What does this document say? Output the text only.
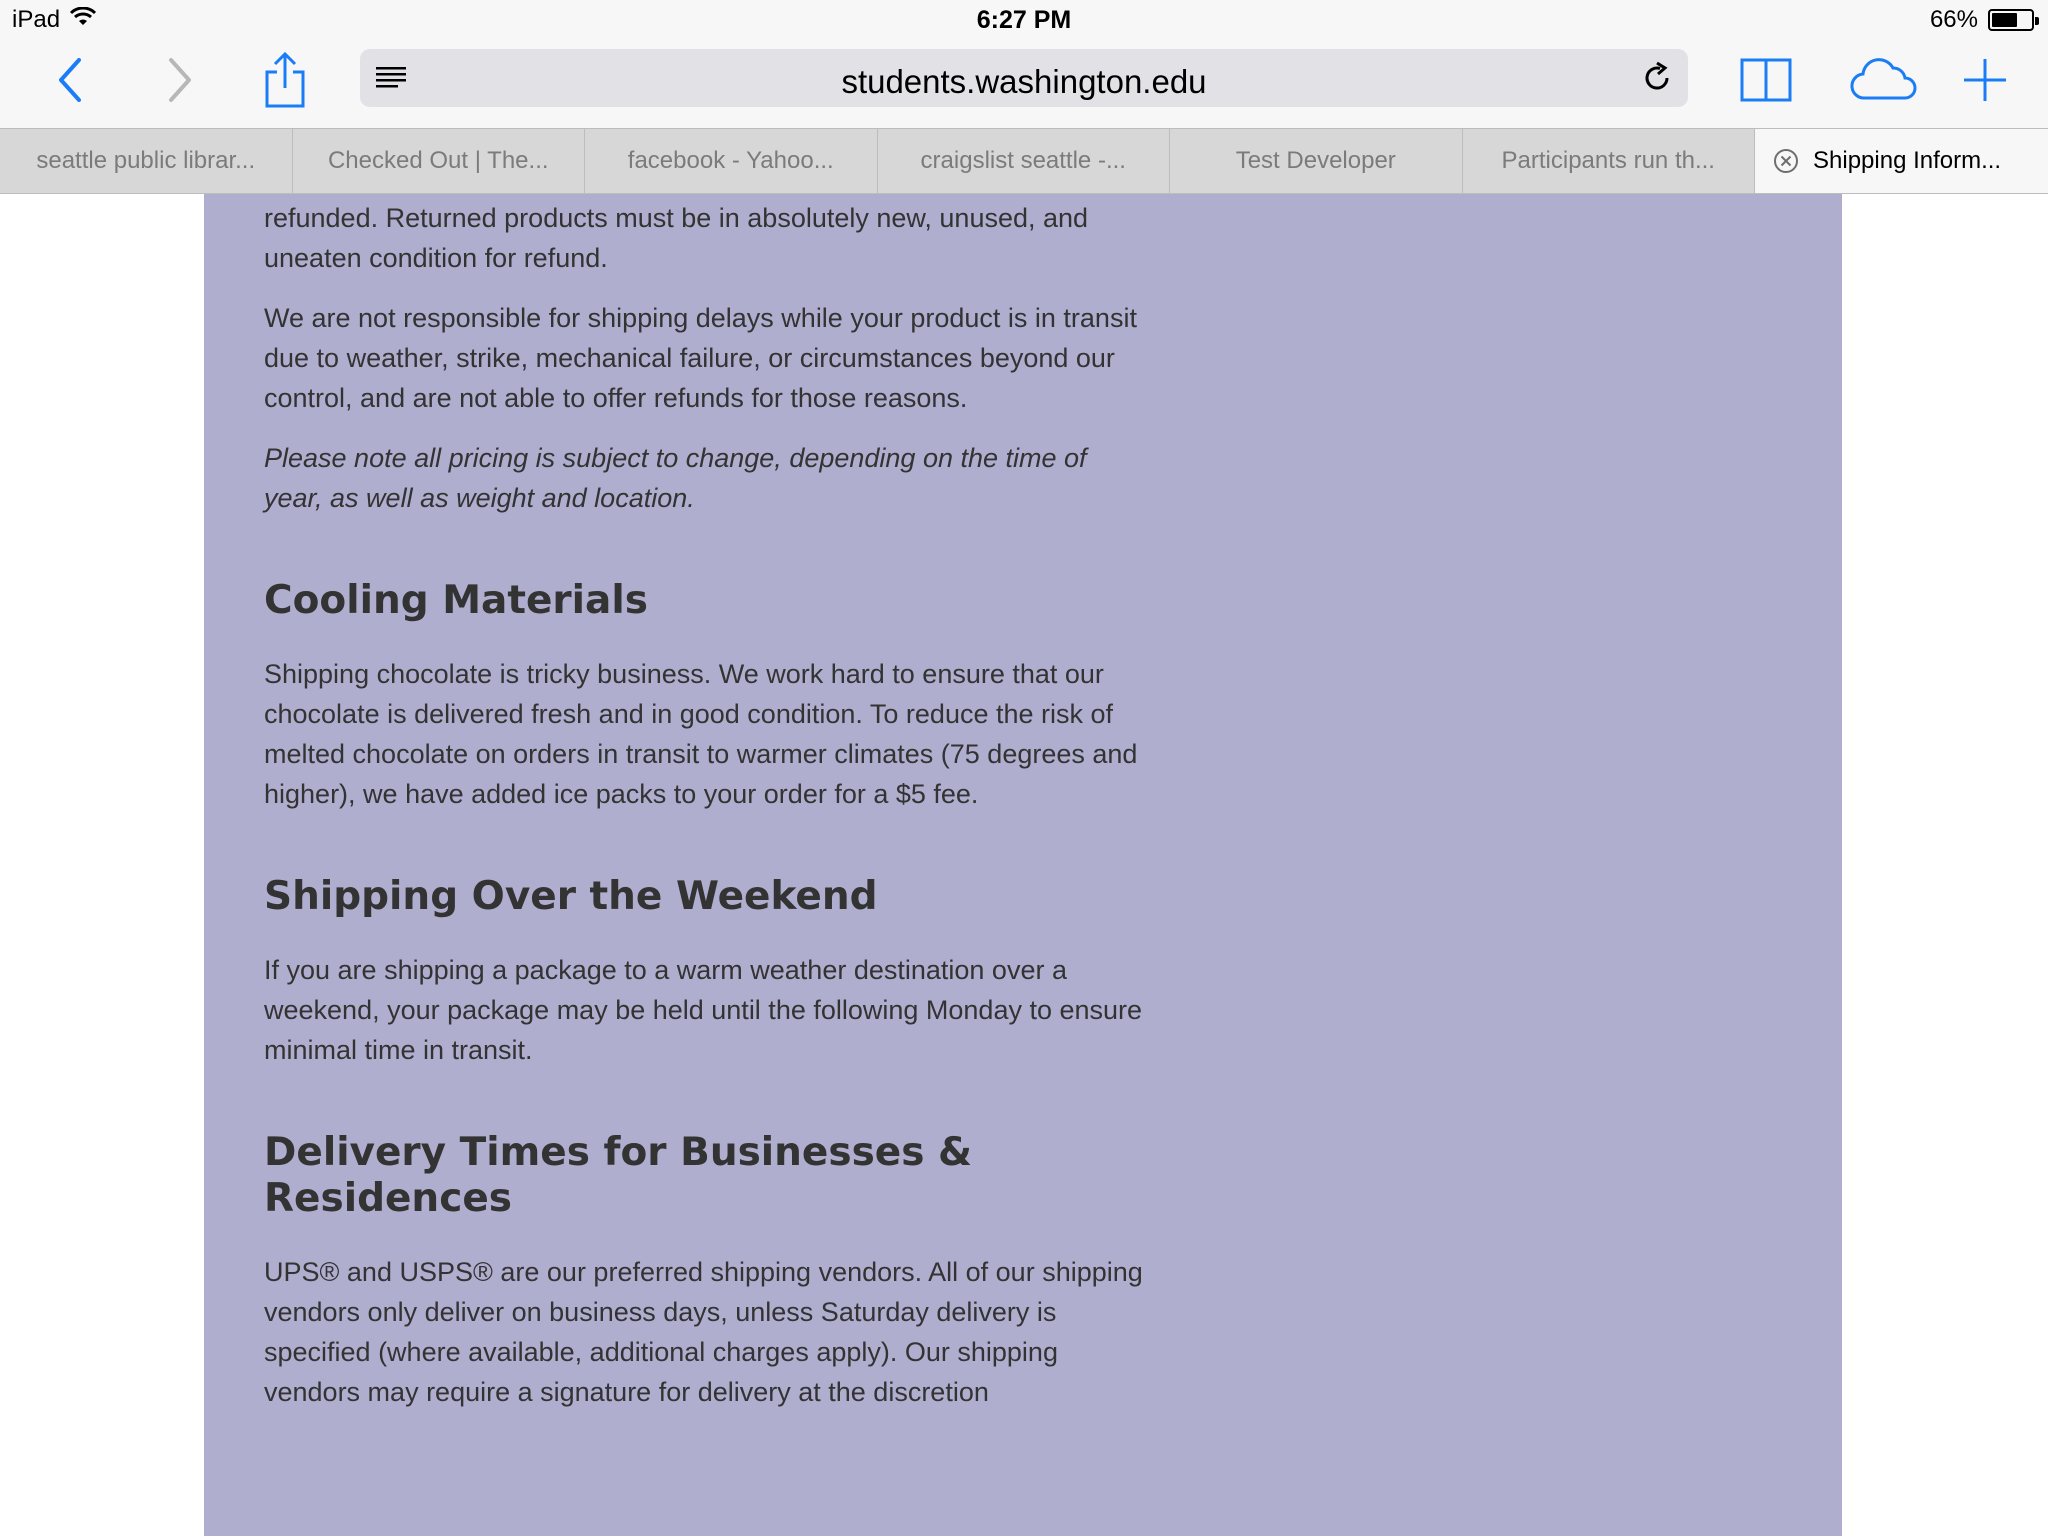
iPad	6:27 PM	66%
students.washington.edu
seattle public librar...	Checked Out | The...	facebook - Yahoo...	craigslist seattle -...	Test Developer	Participants run th...	Shipping Inform...

refunded. Returned products must be in absolutely new, unused, and uneaten condition for refund.

We are not responsible for shipping delays while your product is in transit due to weather, strike, mechanical failure, or circumstances beyond our control, and are not able to offer refunds for those reasons.

Please note all pricing is subject to change, depending on the time of year, as well as weight and location.

Cooling Materials

Shipping chocolate is tricky business. We work hard to ensure that our chocolate is delivered fresh and in good condition. To reduce the risk of melted chocolate on orders in transit to warmer climates (75 degrees and higher), we have added ice packs to your order for a $5 fee.

Shipping Over the Weekend

If you are shipping a package to a warm weather destination over a weekend, your package may be held until the following Monday to ensure minimal time in transit.

Delivery Times for Businesses & Residences

UPS® and USPS® are our preferred shipping vendors. All of our shipping vendors only deliver on business days, unless Saturday delivery is specified (where available, additional charges apply). Our shipping vendors may require a signature for delivery at the discretion
